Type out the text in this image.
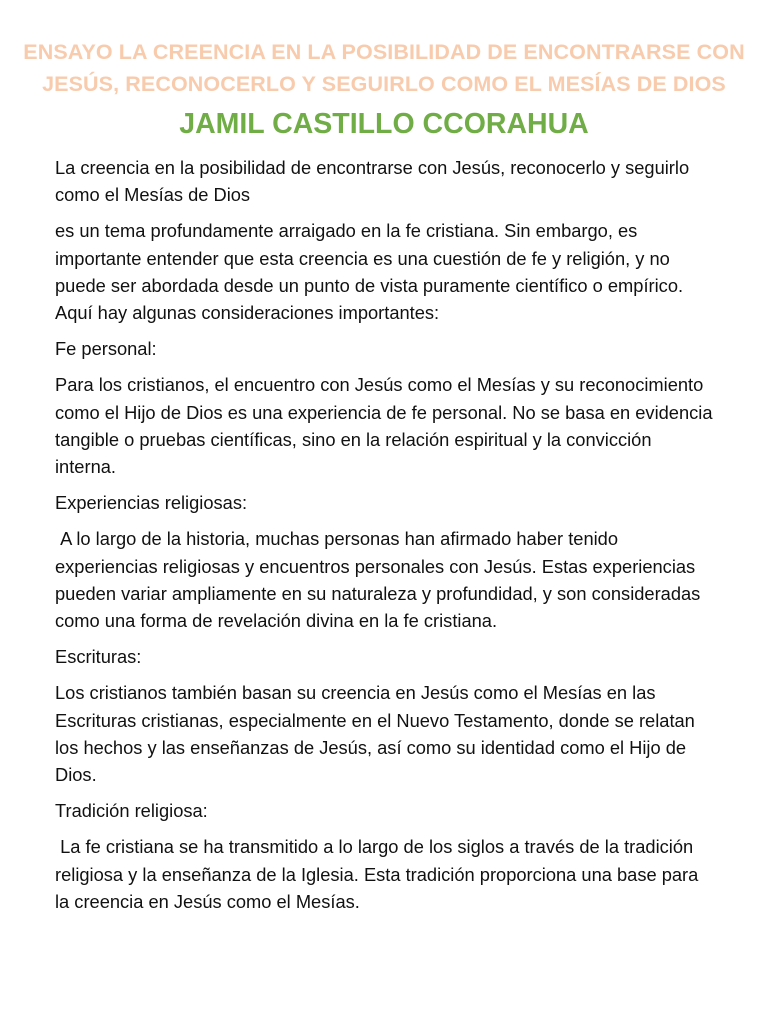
ENSAYO LA CREENCIA EN LA POSIBILIDAD DE ENCONTRARSE CON
JESÚS, RECONOCERLO Y SEGUIRLO COMO EL MESÍAS DE DIOS
JAMIL CASTILLO CCORAHUA

La creencia en la posibilidad de encontrarse con Jesús, reconocerlo y seguirlo como el Mesías de Dios

es un tema profundamente arraigado en la fe cristiana. Sin embargo, es importante entender que esta creencia es una cuestión de fe y religión, y no puede ser abordada desde un punto de vista puramente científico o empírico. Aquí hay algunas consideraciones importantes:

Fe personal:

Para los cristianos, el encuentro con Jesús como el Mesías y su reconocimiento como el Hijo de Dios es una experiencia de fe personal. No se basa en evidencia tangible o pruebas científicas, sino en la relación espiritual y la convicción interna.

Experiencias religiosas:

A lo largo de la historia, muchas personas han afirmado haber tenido experiencias religiosas y encuentros personales con Jesús. Estas experiencias pueden variar ampliamente en su naturaleza y profundidad, y son consideradas como una forma de revelación divina en la fe cristiana.

Escrituras:

Los cristianos también basan su creencia en Jesús como el Mesías en las Escrituras cristianas, especialmente en el Nuevo Testamento, donde se relatan los hechos y las enseñanzas de Jesús, así como su identidad como el Hijo de Dios.

Tradición religiosa:

La fe cristiana se ha transmitido a lo largo de los siglos a través de la tradición religiosa y la enseñanza de la Iglesia. Esta tradición proporciona una base para la creencia en Jesús como el Mesías.
